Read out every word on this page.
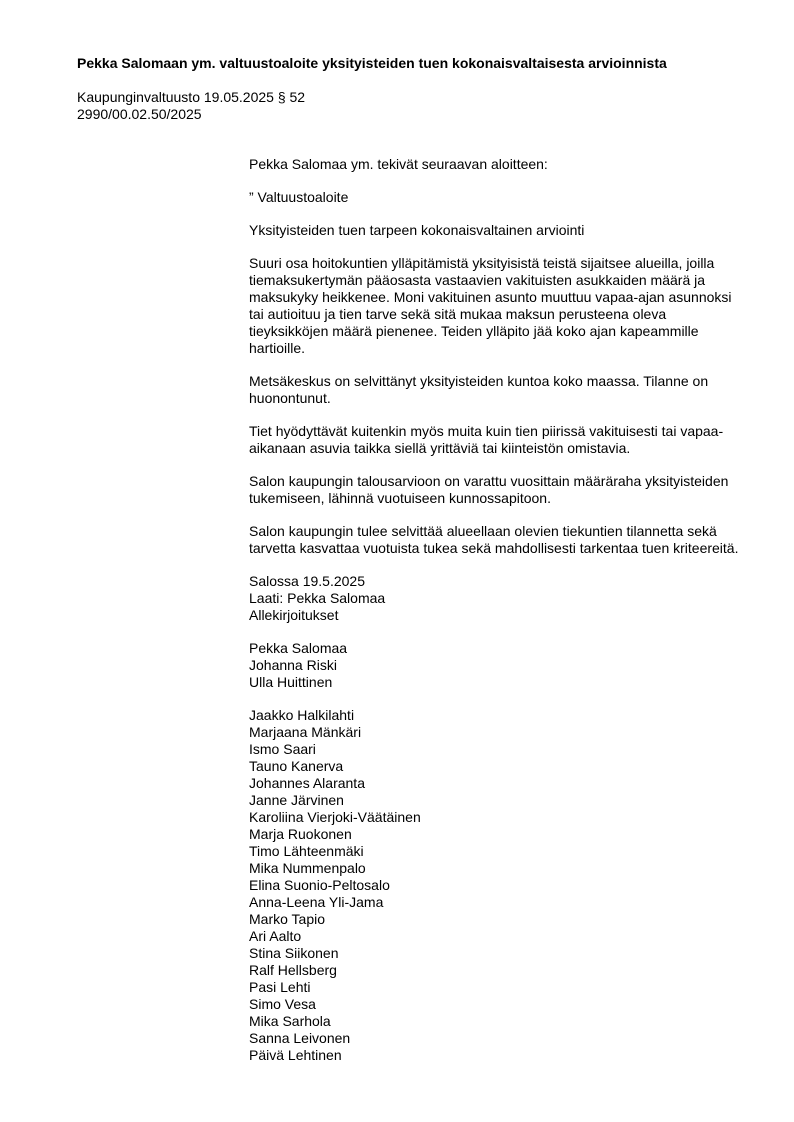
Pekka Salomaan ym. valtuustoaloite yksityisteiden tuen kokonaisvaltaisesta arvioinnista
Kaupunginvaltuusto 19.05.2025 § 52
2990/00.02.50/2025

Pekka Salomaa ym. tekivät seuraavan aloitteen:

” Valtuustoaloite

Yksityisteiden tuen tarpeen kokonaisvaltainen arviointi

Suuri osa hoitokuntien ylläpitämistä yksityisistä teistä sijaitsee alueilla, joilla tiemaksukertymän pääosasta vastaavien vakituisten asukkaiden määrä ja maksukyky heikkenee. Moni vakituinen asunto muuttuu vapaa-ajan asunnoksi tai autioituu ja tien tarve sekä sitä mukaa maksun perusteena oleva tieyksikköjen määrä pienenee. Teiden ylläpito jää koko ajan kapeammille hartioille.

Metsäkeskus on selvittänyt yksityisteiden kuntoa koko maassa. Tilanne on huonontunut.

Tiet hyödyttävät kuitenkin myös muita kuin tien piirissä vakituisesti tai vapaa-aikanaan asuvia taikka siellä yrittäviä tai kiinteistön omistavia.

Salon kaupungin talousarvioon on varattu vuosittain määräraha yksityisteiden tukemiseen, lähinnä vuotuiseen kunnossapitoon.

Salon kaupungin tulee selvittää alueellaan olevien tiekuntien tilannetta sekä tarvetta kasvattaa vuotuista tukea sekä mahdollisesti tarkentaa tuen kriteereitä.

Salossa 19.5.2025
Laati: Pekka Salomaa
Allekirjoitukset
Pekka Salomaa
Johanna Riski
Ulla Huittinen
Jaakko Halkilahti
Marjaana Mänkäri
Ismo Saari
Tauno Kanerva
Johannes Alaranta
Janne Järvinen
Karoliina Vierjoki-Väätäinen
Marja Ruokonen
Timo Lähteenmäki
Mika Nummenpalo
Elina Suonio-Peltosalo
Anna-Leena Yli-Jama
Marko Tapio
Ari Aalto
Stina Siikonen
Ralf Hellsberg
Pasi Lehti
Simo Vesa
Mika Sarhola
Sanna Leivonen
Päivä Lehtinen
